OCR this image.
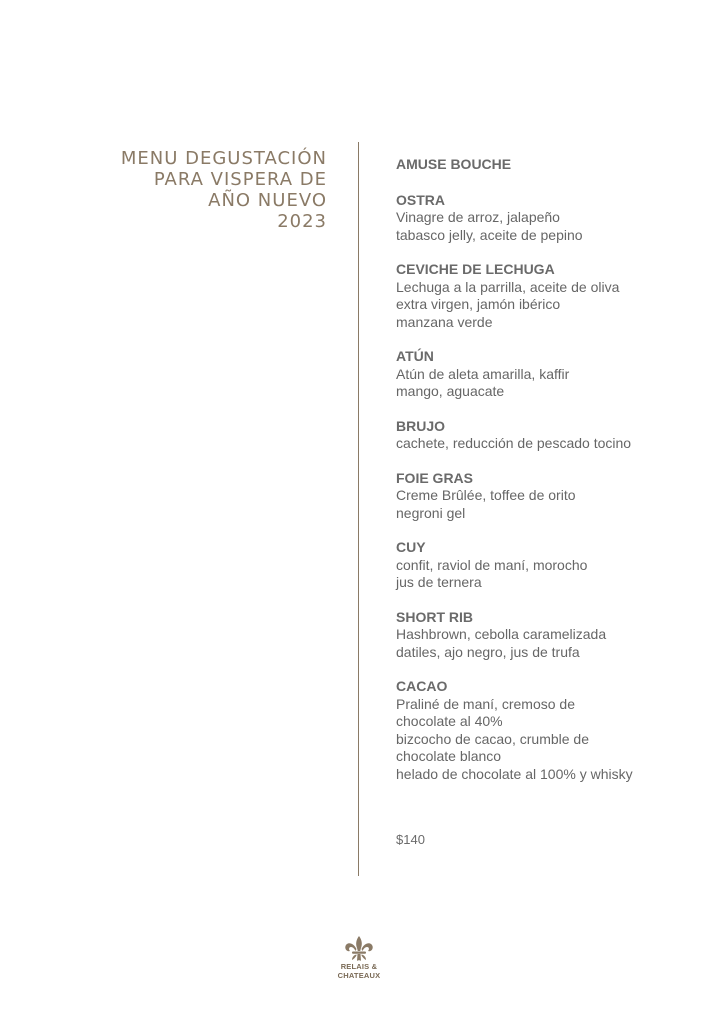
MENU DEGUSTACIÓN
PARA VISPERA DE
AÑO NUEVO
2023
AMUSE BOUCHE
OSTRA
Vinagre de arroz, jalapeño
tabasco jelly, aceite de pepino
CEVICHE DE LECHUGA
Lechuga a la parrilla, aceite de oliva
extra virgen, jamón ibérico
manzana verde
ATÚN
Atún de aleta amarilla, kaffir
mango, aguacate
BRUJO
cachete, reducción de pescado tocino
FOIE GRAS
Creme Brûlée, toffee de orito
negroni gel
CUY
confit, raviol de maní, morocho
jus de ternera
SHORT RIB
Hashbrown, cebolla caramelizada
datiles, ajo negro, jus de trufa
CACAO
Praliné de maní, cremoso de
chocolate al 40%
bizcocho de cacao, crumble de
chocolate blanco
helado de chocolate al 100% y whisky
$140
RELAIS &
CHATEAUX
